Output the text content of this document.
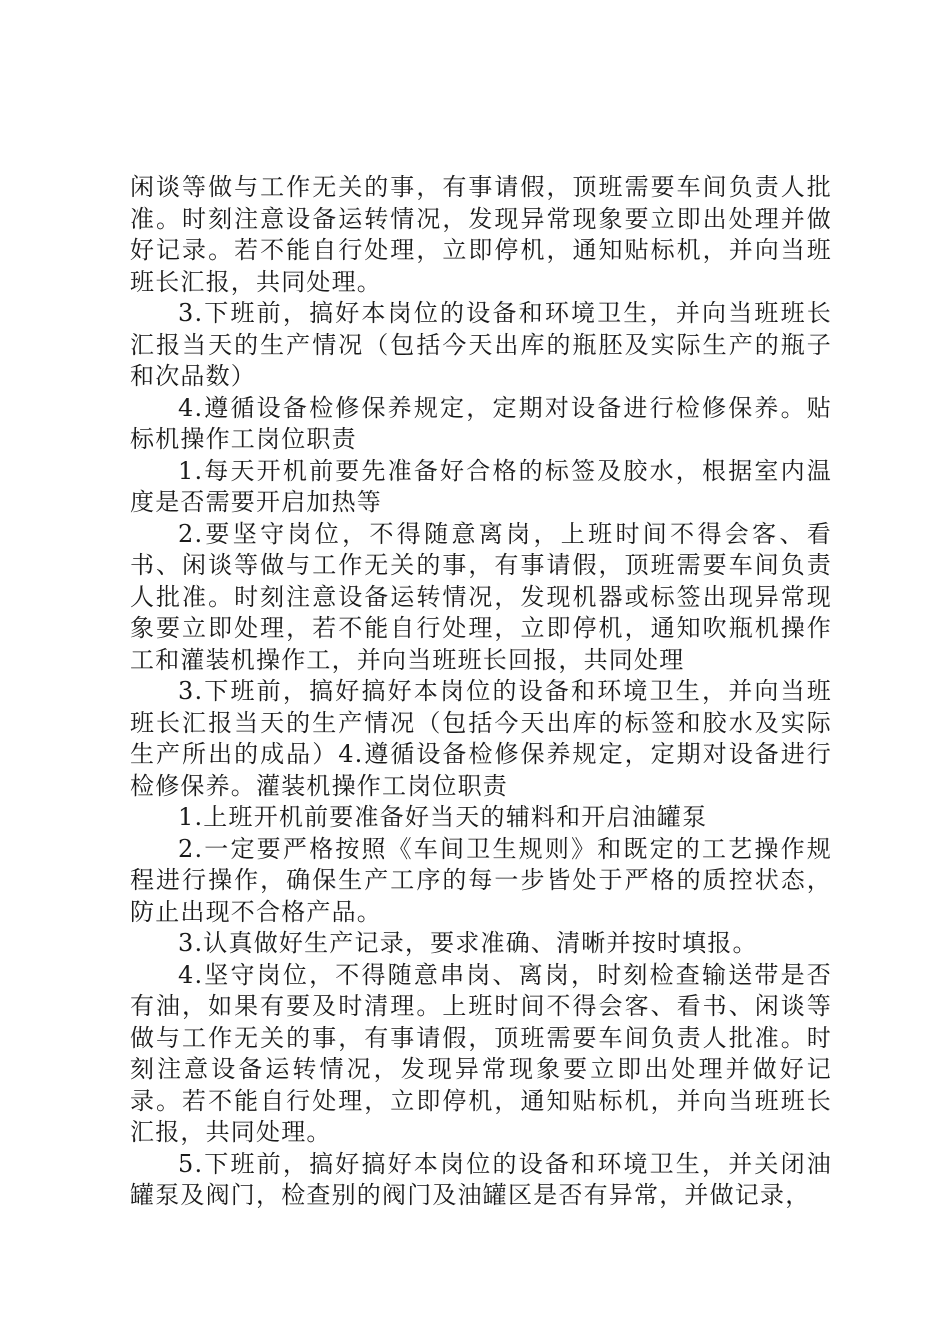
闲谈等做与工作无关的事，有事请假，顶班需要车间负责人批准。时刻注意设备运转情况，发现异常现象要立即出处理并做好记录。若不能自行处理，立即停机，通知贴标机，并向当班班长汇报，共同处理。

3.下班前，搞好本岗位的设备和环境卫生，并向当班班长汇报当天的生产情况（包括今天出库的瓶胚及实际生产的瓶子和次品数）

4.遵循设备检修保养规定，定期对设备进行检修保养。贴标机操作工岗位职责

1.每天开机前要先准备好合格的标签及胶水，根据室内温度是否需要开启加热等

2.要坚守岗位，不得随意离岗，上班时间不得会客、看书、闲谈等做与工作无关的事，有事请假，顶班需要车间负责人批准。时刻注意设备运转情况，发现机器或标签出现异常现象要立即处理，若不能自行处理，立即停机，通知吹瓶机操作工和灌装机操作工，并向当班班长回报，共同处理

3.下班前，搞好搞好本岗位的设备和环境卫生，并向当班班长汇报当天的生产情况（包括今天出库的标签和胶水及实际生产所出的成品）4.遵循设备检修保养规定，定期对设备进行检修保养。灌装机操作工岗位职责

1.上班开机前要准备好当天的辅料和开启油罐泵

2.一定要严格按照《车间卫生规则》和既定的工艺操作规程进行操作，确保生产工序的每一步皆处于严格的质控状态，防止出现不合格产品。

3.认真做好生产记录，要求准确、清晰并按时填报。

4.坚守岗位，不得随意串岗、离岗，时刻检查输送带是否有油，如果有要及时清理。上班时间不得会客、看书、闲谈等做与工作无关的事，有事请假，顶班需要车间负责人批准。时刻注意设备运转情况，发现异常现象要立即出处理并做好记录。若不能自行处理，立即停机，通知贴标机，并向当班班长汇报，共同处理。

5.下班前，搞好搞好本岗位的设备和环境卫生，并关闭油罐泵及阀门，检查别的阀门及油罐区是否有异常，并做记录，
